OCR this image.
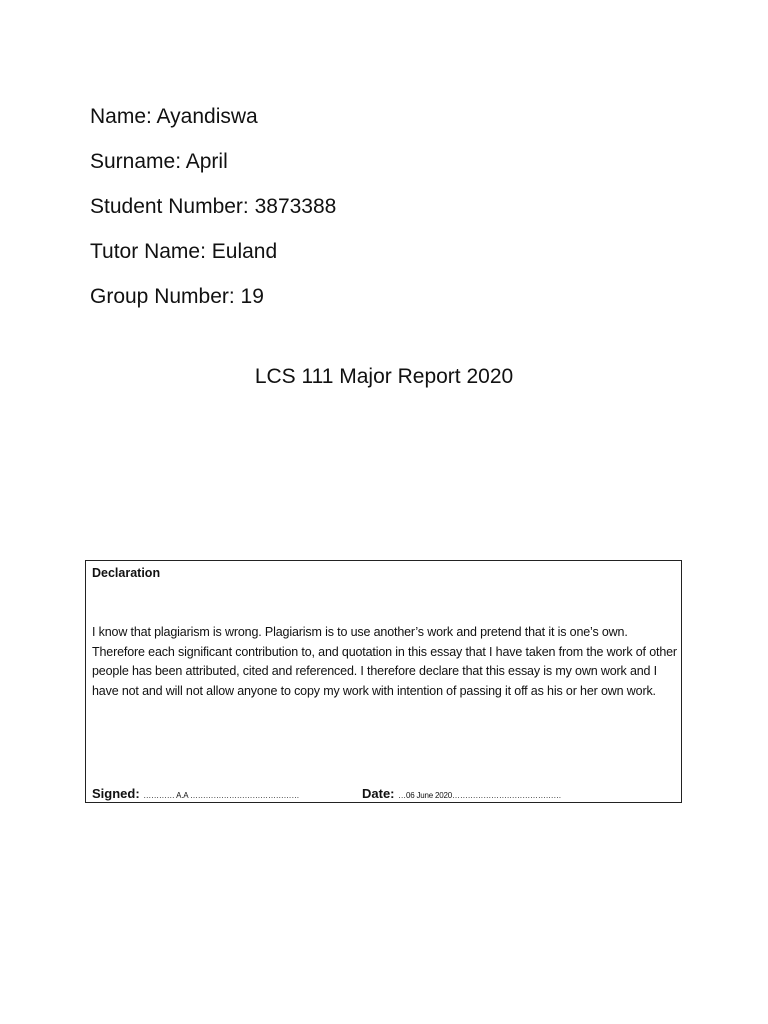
Name: Ayandiswa
Surname: April
Student Number: 3873388
Tutor Name: Euland
Group Number: 19
LCS 111 Major Report 2020
Declaration

I know that plagiarism is wrong. Plagiarism is to use another’s work and pretend that it is one’s own. Therefore each significant contribution to, and quotation in this essay that I have taken from the work of other people has been attributed, cited and referenced. I therefore declare that this essay is my own work and I have not and will not allow anyone to copy my work with intention of passing it off as his or her own work.

Signed: ………… A.A ……………………………………	Date: …06 June 2020……………………………………
